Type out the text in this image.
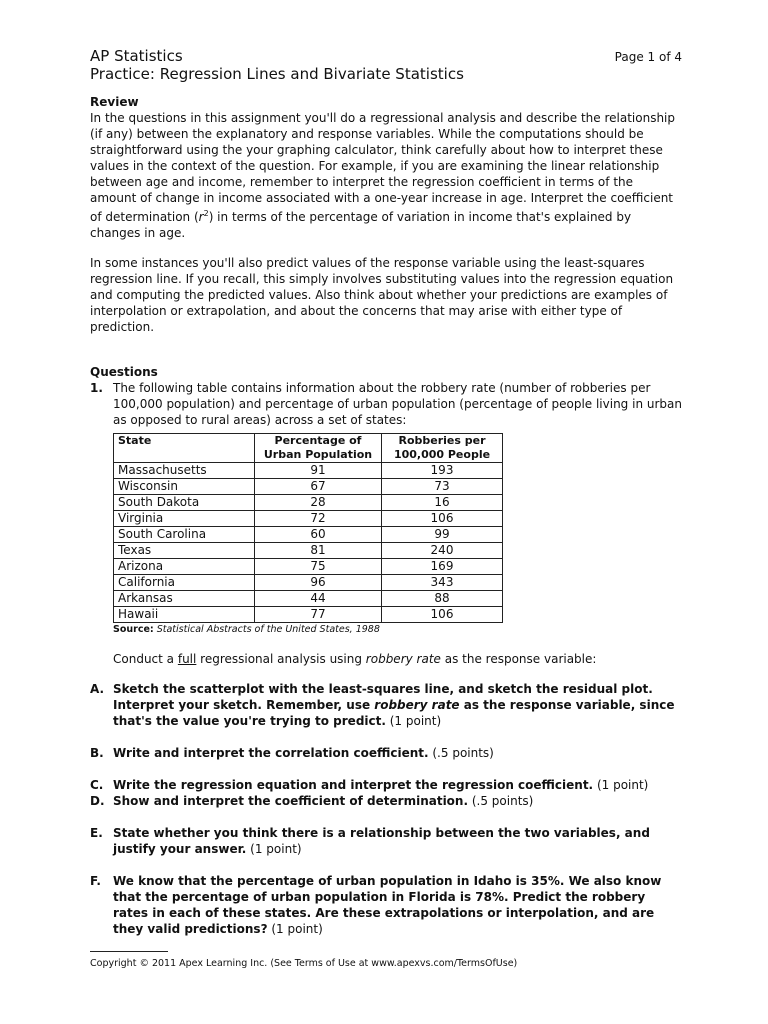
AP Statistics
Practice: Regression Lines and Bivariate Statistics
Page 1 of 4
Review

In the questions in this assignment you'll do a regressional analysis and describe the relationship (if any) between the explanatory and response variables. While the computations should be straightforward using the your graphing calculator, think carefully about how to interpret these values in the context of the question. For example, if you are examining the linear relationship between age and income, remember to interpret the regression coefficient in terms of the amount of change in income associated with a one-year increase in age. Interpret the coefficient of determination $(r^2)$ in terms of the percentage of variation in income that's explained by changes in age.

In some instances you'll also predict values of the response variable using the least-squares regression line. If you recall, this simply involves substituting values into the regression equation and computing the predicted values. Also think about whether your predictions are examples of interpolation or extrapolation, and about the concerns that may arise with either type of prediction.

Questions
1. The following table contains information about the robbery rate (number of robberies per 100,000 population) and percentage of urban population (percentage of people living in urban as opposed to rural areas) across a set of states:
State	Percentage of Urban Population	Robberies per 100,000 People
Massachusetts	91	193
Wisconsin	67	73
South Dakota	28	16
Virginia	72	106
South Carolina	60	99
Texas	81	240
Arizona	75	169
California	96	343
Arkansas	44	88
Hawaii	77	106
Source: Statistical Abstracts of the United States, 1988

Conduct a full regressional analysis using robbery rate as the response variable:

A. Sketch the scatterplot with the least-squares line, and sketch the residual plot. Interpret your sketch. Remember, use robbery rate as the response variable, since that's the value you're trying to predict. (1 point)
B. Write and interpret the correlation coefficient. (.5 points)
C. Write the regression equation and interpret the regression coefficient. (1 point)
D. Show and interpret the coefficient of determination. (.5 points)
E. State whether you think there is a relationship between the two variables, and justify your answer. (1 point)
F. We know that the percentage of urban population in Idaho is 35%. We also know that the percentage of urban population in Florida is 78%. Predict the robbery rates in each of these states. Are these extrapolations or interpolation, and are they valid predictions? (1 point)
Copyright © 2011 Apex Learning Inc. (See Terms of Use at www.apexvs.com/TermsOfUse)
